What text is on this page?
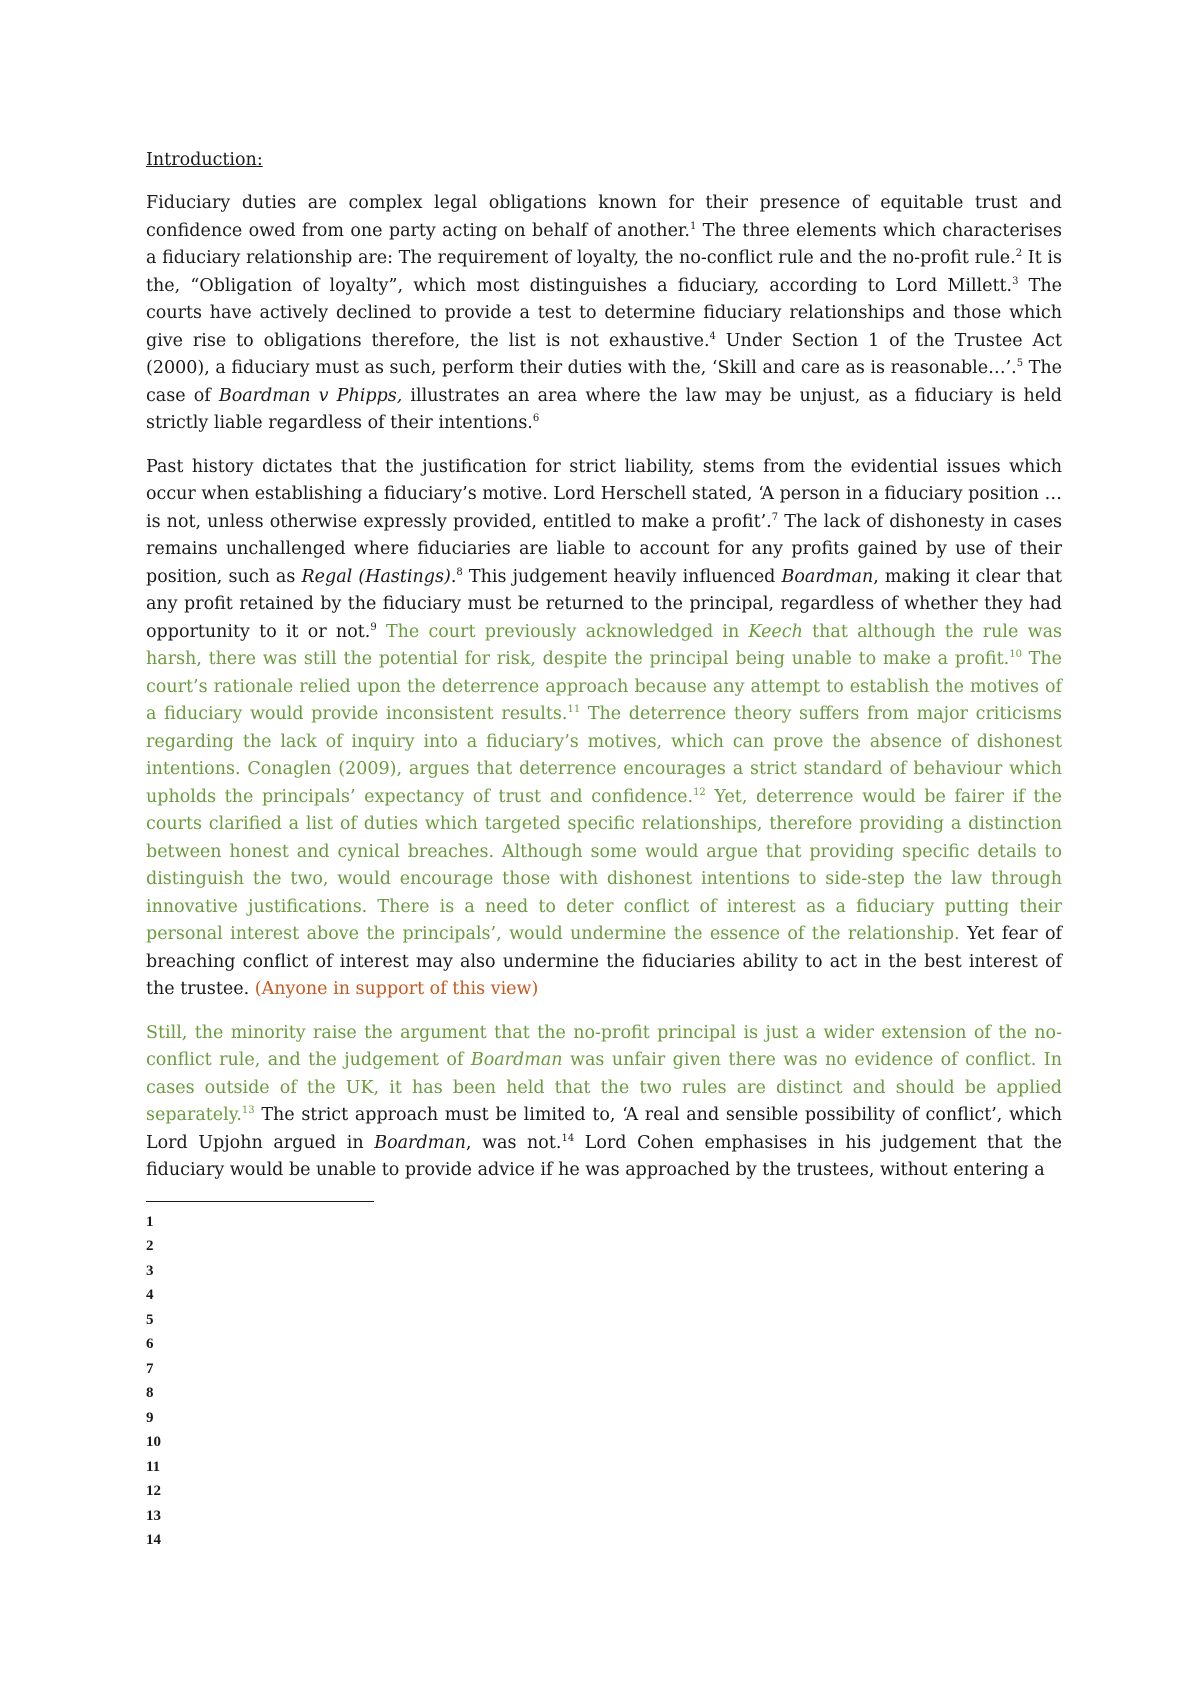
Introduction:

Fiduciary duties are complex legal obligations known for their presence of equitable trust and confidence owed from one party acting on behalf of another.$^1$ The three elements which characterises a fiduciary relationship are: The requirement of loyalty, the no-conflict rule and the no-profit rule.$^2$ It is the, “Obligation of loyalty”, which most distinguishes a fiduciary, according to Lord Millett.$^3$ The courts have actively declined to provide a test to determine fiduciary relationships and those which give rise to obligations therefore, the list is not exhaustive.$^4$ Under Section 1 of the Trustee Act (2000), a fiduciary must as such, perform their duties with the, ‘Skill and care as is reasonable…’.$^5$ The case of Boardman v Phipps, illustrates an area where the law may be unjust, as a fiduciary is held strictly liable regardless of their intentions.$^6$

Past history dictates that the justification for strict liability, stems from the evidential issues which occur when establishing a fiduciary’s motive. Lord Herschell stated, ‘A person in a fiduciary position … is not, unless otherwise expressly provided, entitled to make a profit’.$^7$ The lack of dishonesty in cases remains unchallenged where fiduciaries are liable to account for any profits gained by use of their position, such as Regal (Hastings).$^8$ This judgement heavily influenced Boardman, making it clear that any profit retained by the fiduciary must be returned to the principal, regardless of whether they had opportunity to it or not.$^9$ The court previously acknowledged in Keech that although the rule was harsh, there was still the potential for risk, despite the principal being unable to make a profit.$^{10}$ The court’s rationale relied upon the deterrence approach because any attempt to establish the motives of a fiduciary would provide inconsistent results.$^{11}$ The deterrence theory suffers from major criticisms regarding the lack of inquiry into a fiduciary’s motives, which can prove the absence of dishonest intentions. Conaglen (2009), argues that deterrence encourages a strict standard of behaviour which upholds the principals’ expectancy of trust and confidence.$^{12}$ Yet, deterrence would be fairer if the courts clarified a list of duties which targeted specific relationships, therefore providing a distinction between honest and cynical breaches. Although some would argue that providing specific details to distinguish the two, would encourage those with dishonest intentions to side-step the law through innovative justifications. There is a need to deter conflict of interest as a fiduciary putting their personal interest above the principals’, would undermine the essence of the relationship. Yet fear of breaching conflict of interest may also undermine the fiduciaries ability to act in the best interest of the trustee. (Anyone in support of this view)

Still, the minority raise the argument that the no-profit principal is just a wider extension of the no-conflict rule, and the judgement of Boardman was unfair given there was no evidence of conflict. In cases outside of the UK, it has been held that the two rules are distinct and should be applied separately.$^{13}$ The strict approach must be limited to, ‘A real and sensible possibility of conflict’, which Lord Upjohn argued in Boardman, was not.$^{14}$ Lord Cohen emphasises in his judgement that the fiduciary would be unable to provide advice if he was approached by the trustees, without entering a

1
2
3
4
5
6
7
8
9
10
11
12
13
14
